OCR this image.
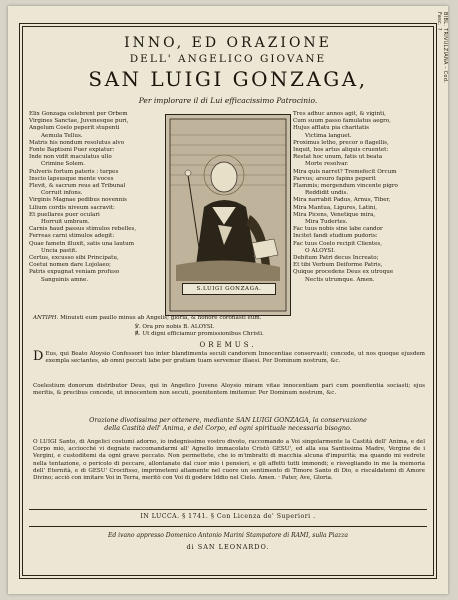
BIBL. TRIVULZIANA - Cod. Fasc. ?
INNO, ED ORAZIONE
DELL' ANGELICO GIOVANE
SAN LUIGI GONZAGA,
Per implorare il di Lui efficacissimo Patrocinio.
Elix Gonzaga celebrent per Orbem
Virgines Sanctae, Juvenesque puri,
Angelum Coelo peperit stupenti
Aemula Tellus.
Matris his nondum resolutus alvo
Fonte Baptismi Puer expiatur:
Inde non vidit maculatus ullo
Crimine Solem.
Pulveris fortum pateris : turpes
Inscio lapsusque mente voces
Flevit, & sacrum reus ad Tribunal
Corruit infons.
Virginis Magnae pedibus novennis
Lilium cordis niveum sacravit:
Et puellares puer oculari
Horruit umbram.
Carnis haud passus stimulos rebelles,
Ferreas carni stimulos adegit:
Quae fametn illuxit, satis una lautum
Uncia pastit.
Certus, excusso sibi Principatu,
Coetui nomen dare Lojolaeo;
Patris expugnat veniam profuso
Sanguinis amne.
Tres adhuc annos agit, & viginti,
Cum suum passo famulatus aegro,
Hujus afflatu pia charitatis
Victima languet.
Proximus letho, precor o flagellis,
Inquit, hos artus aliquis cruentet:
Restat hoc unum, fatis ut beata
Morte resolvar.
Mira quis narret? Tremefecit Orcum
Parvus; arsuro fapins peperit
Flammis; mergendum vincente pigro
Reddidit undis.
Mira narrabit Padus, Arnus, Tiber,
Mira Mantua, Ligures, Latini,
Mira Picens, Venetique mira,
Mira Tudertes.
Fac tuus nobis sine labe candor
Incitet fandi studium pudoris:
Fac tuus Coelo recipit Clientes,
O ALOYSI.
Debitum Patri decus Increato;
Et tibi Verbum Deiforme Patris,
Quique procedens Deus ex utroque
Nectis utrumque. Amen.
S.LUIGI GONZAGA.
ANTIPH. Minuisti eum paullo minus ab Angelis; gloria, & honore coronasti eum.
℣. Ora pro nobis B. ALOYSI.
℟. Ut digni efficiamur promissionibus Christi.
OREMUS.
D Eus, qui Beato Aloysio Confessori tuo inter blandimenta seculi candorem Innocentiae conservasti; concede, ut nos quoque ejusdem exempla sectantes, ab omni peccati labe per gratiam tuam servemur illaesi. Per Dominum nostrum, &c.
Coelestium donorum distributor Deus, qui in Angelico Juvene Aloysio miram vitae innocentiam pari cum poenitentia sociasti; ejus meritis, & precibus concede, ut innocentem non secuti, poenitentem imitemur. Per Dominum nostrum, &c.
Orazione divotissima per ottenere, mediante SAN LUIGI GONZAGA, la conservazione
della Castità dell' Anima, e del Corpo, ed ogni spirituale necessaria bisogno.
O LUIGI Santo, di Angelici costumi adorno, io indegnissimo vostro divoto, raccomando a Voi singolarmente la Castità dell' Anima, e del Corpo mio, acciocché vi degnate raccomandarmi all' Agnello immacolato Cristò GESU', ed alla sua Santissima Madre, Vergine de i Vergini, e custoditemi da ogni grave peccato. Non permettete, che io m'imbratti di macchia alcuna d'impurità; ma quando mi vedrete nella tentazione, o pericolo di peccare, allontanate dal cuor mio i pensieri, e gli affetti tutti immondi; e risvegliando in me la memoria dell' Eternità, e di GESU' Crocifisso, imprimetemi altamente nel cuore un sentimento di Timore Santo di Dio, e riscaldatemi di Amore Divino; acciò con imitare Voi in Terra, meritò con Voi di godere Iddio nel Cielo. Amen. · Pater, Ave, Gloria.
IN LUCCA. § 1741. § Con Licenza de' Superiori .
Ed ivano appresso Domenico Antonio Marini Stampatore di RAMI, sulla Piazza
di SAN LEONARDO.
